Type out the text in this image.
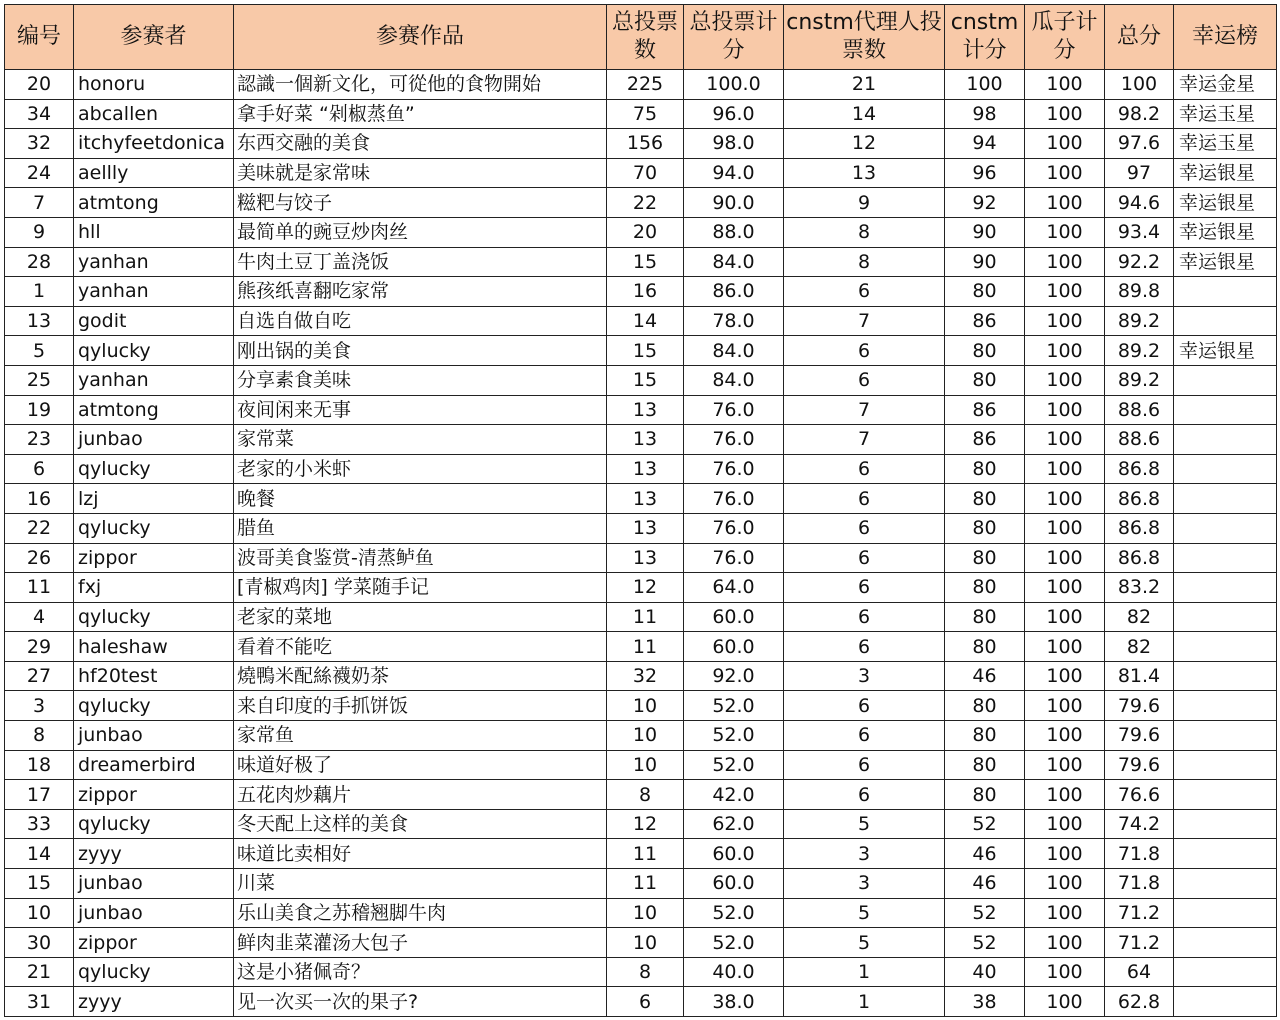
编号	参赛者	参赛作品	总投票数	总投票计分	cnstm代理人投票数	cnstm计分	瓜子计分	总分	幸运榜
20	honoru	認識一個新文化，可從他的食物開始	225	100.0	21	100	100	100	幸运金星
34	abcallen	拿手好菜 “剁椒蒸鱼”	75	96.0	14	98	100	98.2	幸运玉星
32	itchyfeetdonica	东西交融的美食	156	98.0	12	94	100	97.6	幸运玉星
24	aellly	美味就是家常味	70	94.0	13	96	100	97	幸运银星
7	atmtong	糍粑与饺子	22	90.0	9	92	100	94.6	幸运银星
9	hll	最简单的豌豆炒肉丝	20	88.0	8	90	100	93.4	幸运银星
28	yanhan	牛肉土豆丁盖浇饭	15	84.0	8	90	100	92.2	幸运银星
1	yanhan	熊孩纸喜翻吃家常	16	86.0	6	80	100	89.8	
13	godit	自选自做自吃	14	78.0	7	86	100	89.2	
5	qylucky	刚出锅的美食	15	84.0	6	80	100	89.2	幸运银星
25	yanhan	分享素食美味	15	84.0	6	80	100	89.2	
19	atmtong	夜间闲来无事	13	76.0	7	86	100	88.6	
23	junbao	家常菜	13	76.0	7	86	100	88.6	
6	qylucky	老家的小米虾	13	76.0	6	80	100	86.8	
16	lzj	晚餐	13	76.0	6	80	100	86.8	
22	qylucky	腊鱼	13	76.0	6	80	100	86.8	
26	zippor	波哥美食鉴赏-清蒸鲈鱼	13	76.0	6	80	100	86.8	
11	fxj	[青椒鸡肉] 学菜随手记	12	64.0	6	80	100	83.2	
4	qylucky	老家的菜地	11	60.0	6	80	100	82	
29	haleshaw	看着不能吃	11	60.0	6	80	100	82	
27	hf20test	燒鴨米配絲襪奶茶	32	92.0	3	46	100	81.4	
3	qylucky	来自印度的手抓饼饭	10	52.0	6	80	100	79.6	
8	junbao	家常鱼	10	52.0	6	80	100	79.6	
18	dreamerbird	味道好极了	10	52.0	6	80	100	79.6	
17	zippor	五花肉炒藕片	8	42.0	6	80	100	76.6	
33	qylucky	冬天配上这样的美食	12	62.0	5	52	100	74.2	
14	zyyy	味道比卖相好	11	60.0	3	46	100	71.8	
15	junbao	川菜	11	60.0	3	46	100	71.8	
10	junbao	乐山美食之苏稽翘脚牛肉	10	52.0	5	52	100	71.2	
30	zippor	鲜肉韭菜灌汤大包子	10	52.0	5	52	100	71.2	
21	qylucky	这是小猪佩奇？	8	40.0	1	40	100	64	
31	zyyy	见一次买一次的果子?	6	38.0	1	38	100	62.8	
